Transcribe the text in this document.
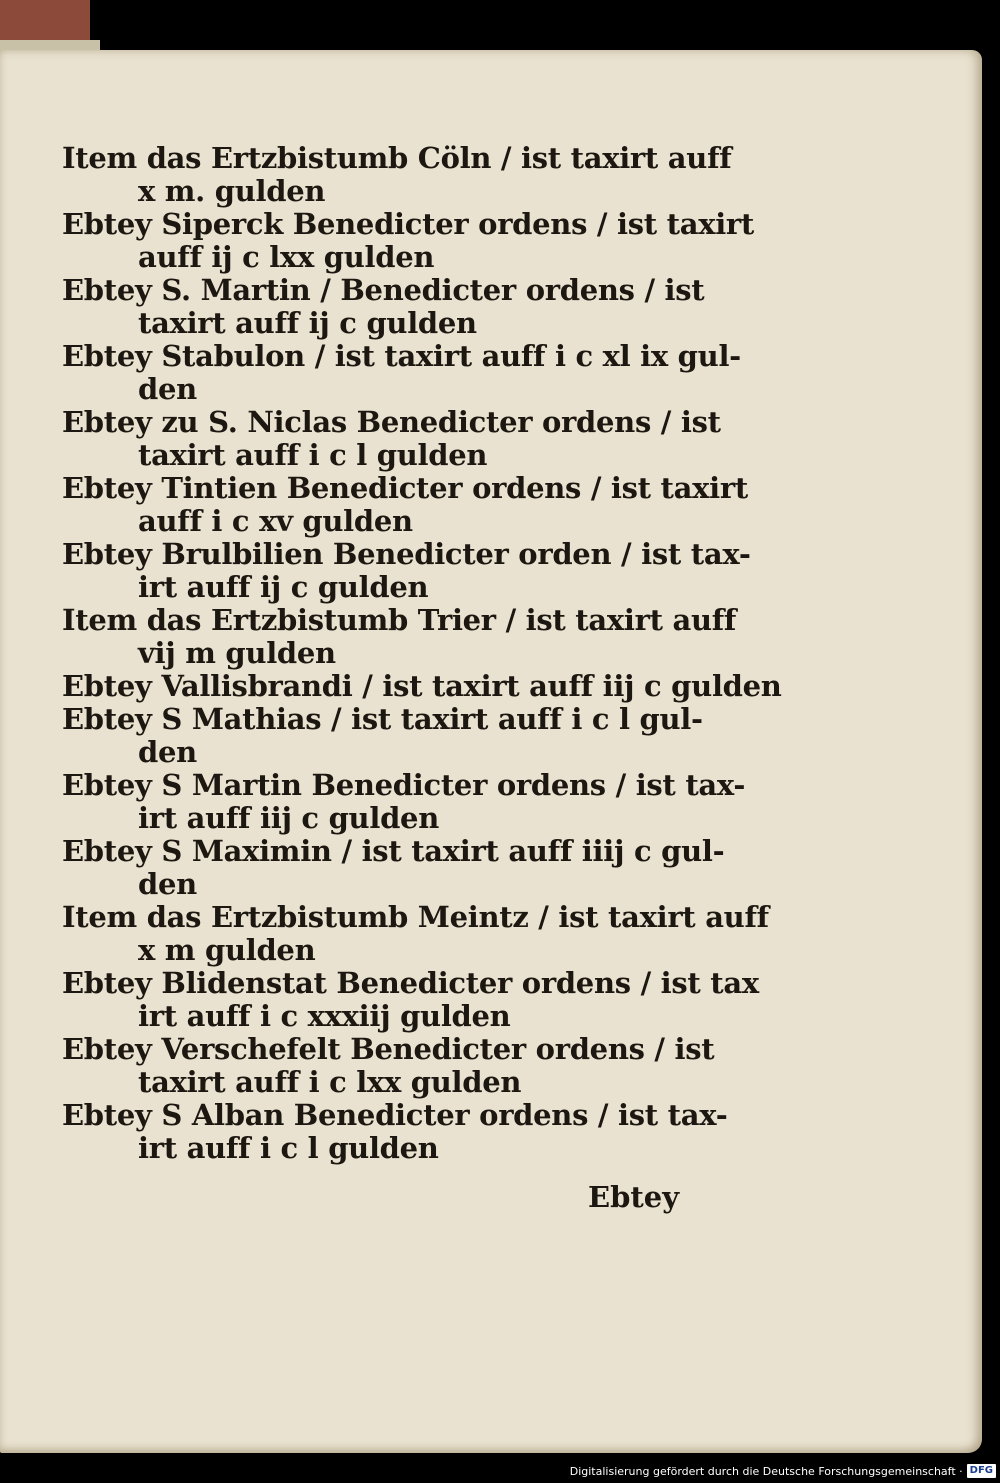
Item das Ertzbistumb Cöln / ist taxirt auff
x m. gulden
Ebtey Siperck Benedicter ordens / ist taxirt
auff ij c lxx gulden
Ebtey S. Martin / Benedicter ordens / ist
taxirt auff ij c gulden
Ebtey Stabulon / ist taxirt auff i c xl ix gul-
den
Ebtey zu S. Niclas Benedicter ordens / ist
taxirt auff i c l gulden
Ebtey Tintien Benedicter ordens / ist taxirt
auff i c xv gulden
Ebtey Brulbilien Benedicter orden / ist tax-
irt auff ij c gulden
Item das Ertzbistumb Trier / ist taxirt auff
vij m gulden
Ebtey Vallisbrandi / ist taxirt auff iij c gulden
Ebtey S Mathias / ist taxirt auff i c l gul-
den
Ebtey S Martin Benedicter ordens / ist tax-
irt auff iij c gulden
Ebtey S Maximin / ist taxirt auff iiij c gul-
den
Item das Ertzbistumb Meintz / ist taxirt auff
x m gulden
Ebtey Blidenstat Benedicter ordens / ist tax
irt auff i c xxxiij gulden
Ebtey Verschefelt Benedicter ordens / ist
taxirt auff i c lxx gulden
Ebtey S Alban Benedicter ordens / ist tax-
irt auff i c l gulden
Ebtey
Digitalisierung gefördert durch die Deutsche Forschungsgemeinschaft · DFG
